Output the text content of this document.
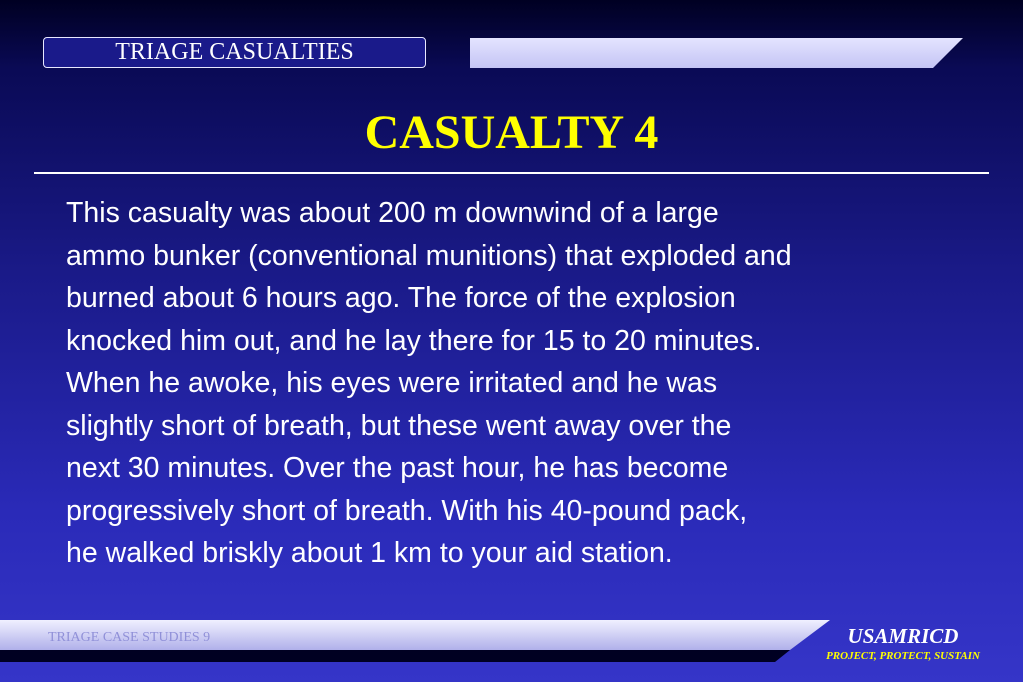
TRIAGE CASUALTIES
CASUALTY 4
This casualty was about 200 m downwind of a large
ammo bunker (conventional munitions) that exploded and
burned about 6 hours ago. The force of the explosion
knocked him out, and he lay there for 15 to 20 minutes.
When he awoke, his eyes were irritated and he was
slightly short of breath, but these went away over the
next 30 minutes. Over the past hour, he has become
progressively short of breath. With his 40-pound pack,
he walked briskly about 1 km to your aid station.
TRIAGE CASE STUDIES 9	USAMRICD
PROJECT, PROTECT, SUSTAIN
